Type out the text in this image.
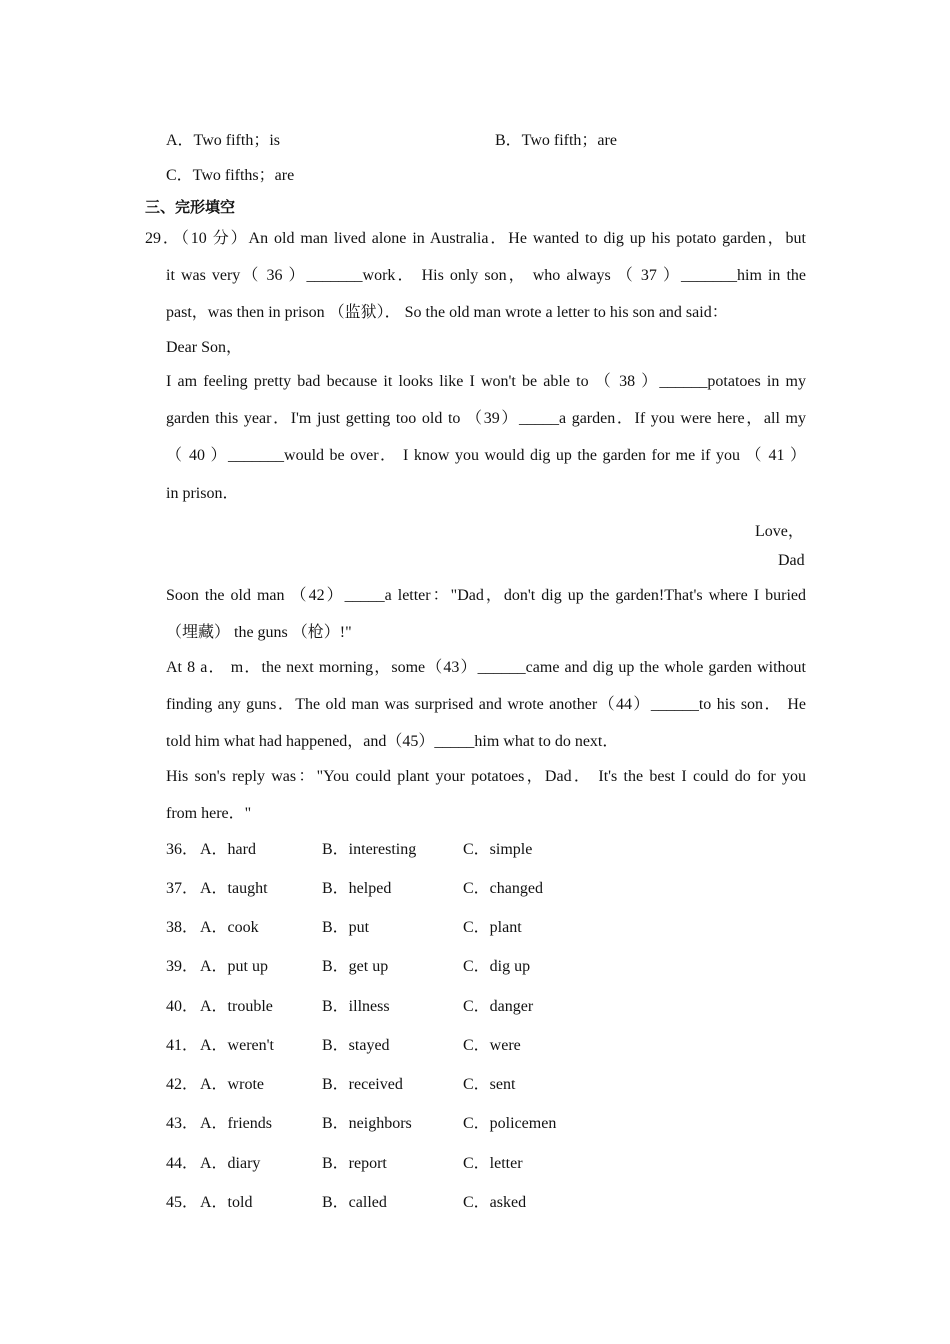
A．Two fifth；is	B．Two fifth；are
C．Two fifths；are
三、完形填空
29．（10 分）An old man lived alone in Australia．He wanted to dig up his potato garden，but
it was very（ 36 ）_______work． His only son， who always （ 37 ）_______him in the
past，was then in prison （监狱）． So the old man wrote a letter to his son and said：
Dear Son，
I am feeling pretty bad because it looks like I won't be able to （ 38 ）______potatoes in my
garden this year．I'm just getting too old to （39）_____a garden．If you were here，all my
（ 40 ）_______would be over． I know you would dig up the garden for me if you （ 41 ）
in prison．
Love，
Dad
Soon the old man （42）_____a letter："Dad，don't dig up the garden!That's where I buried
（埋藏） the guns （枪）!"
At 8 a． m．the next morning，some（43）______came and dig up the whole garden without
finding any guns．The old man was surprised and wrote another（44）______to his son． He
told him what had happened，and（45）_____him what to do next．
His son's reply was："You could plant your potatoes，Dad． It's the best I could do for you
from here．"
36． A．hard	B．interesting	C．simple
37． A．taught	B．helped	C．changed
38． A．cook	B．put	C．plant
39． A．put up	B．get up	C．dig up
40． A．trouble	B．illness	C．danger
41． A．weren't	B．stayed	C．were
42． A．wrote	B．received	C．sent
43． A．friends	B．neighbors	C．policemen
44． A．diary	B．report	C．letter
45． A．told	B．called	C．asked
